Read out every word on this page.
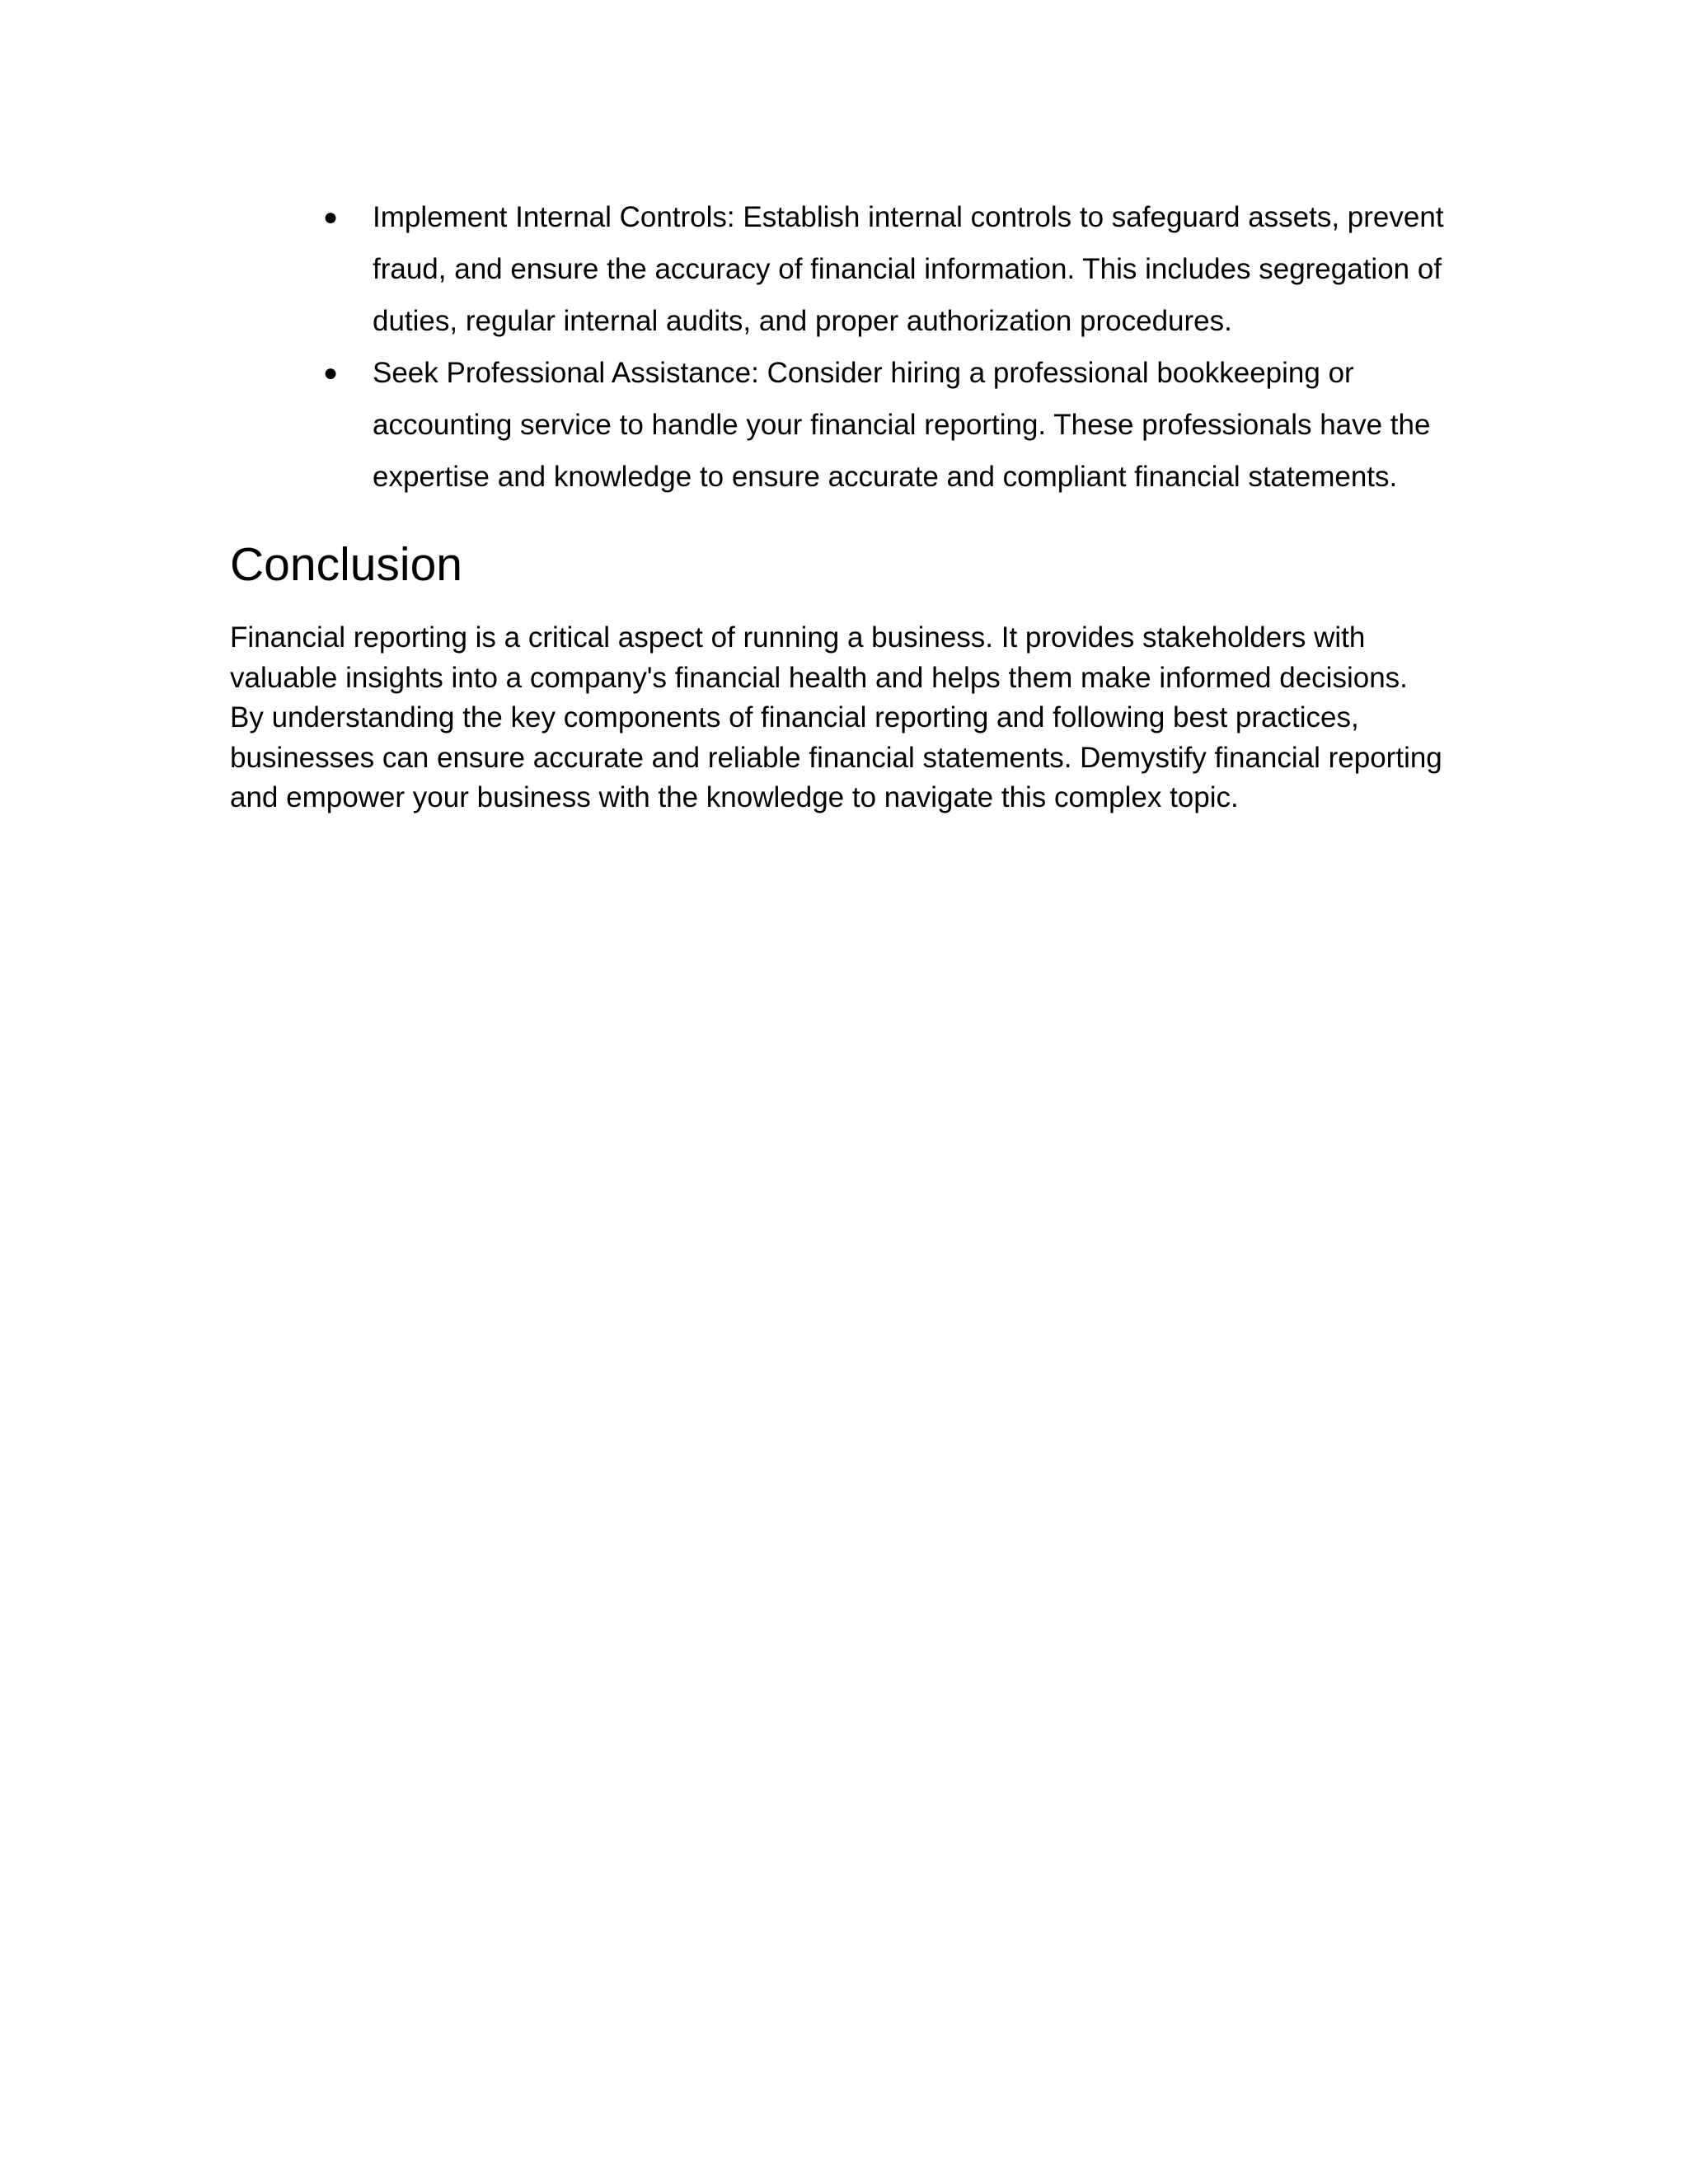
● Implement Internal Controls: Establish internal controls to safeguard assets, prevent fraud, and ensure the accuracy of financial information. This includes segregation of duties, regular internal audits, and proper authorization procedures.
● Seek Professional Assistance: Consider hiring a professional bookkeeping or accounting service to handle your financial reporting. These professionals have the expertise and knowledge to ensure accurate and compliant financial statements.
Conclusion

Financial reporting is a critical aspect of running a business. It provides stakeholders with
valuable insights into a company's financial health and helps them make informed decisions.
By understanding the key components of financial reporting and following best practices,
businesses can ensure accurate and reliable financial statements. Demystify financial reporting
and empower your business with the knowledge to navigate this complex topic.
